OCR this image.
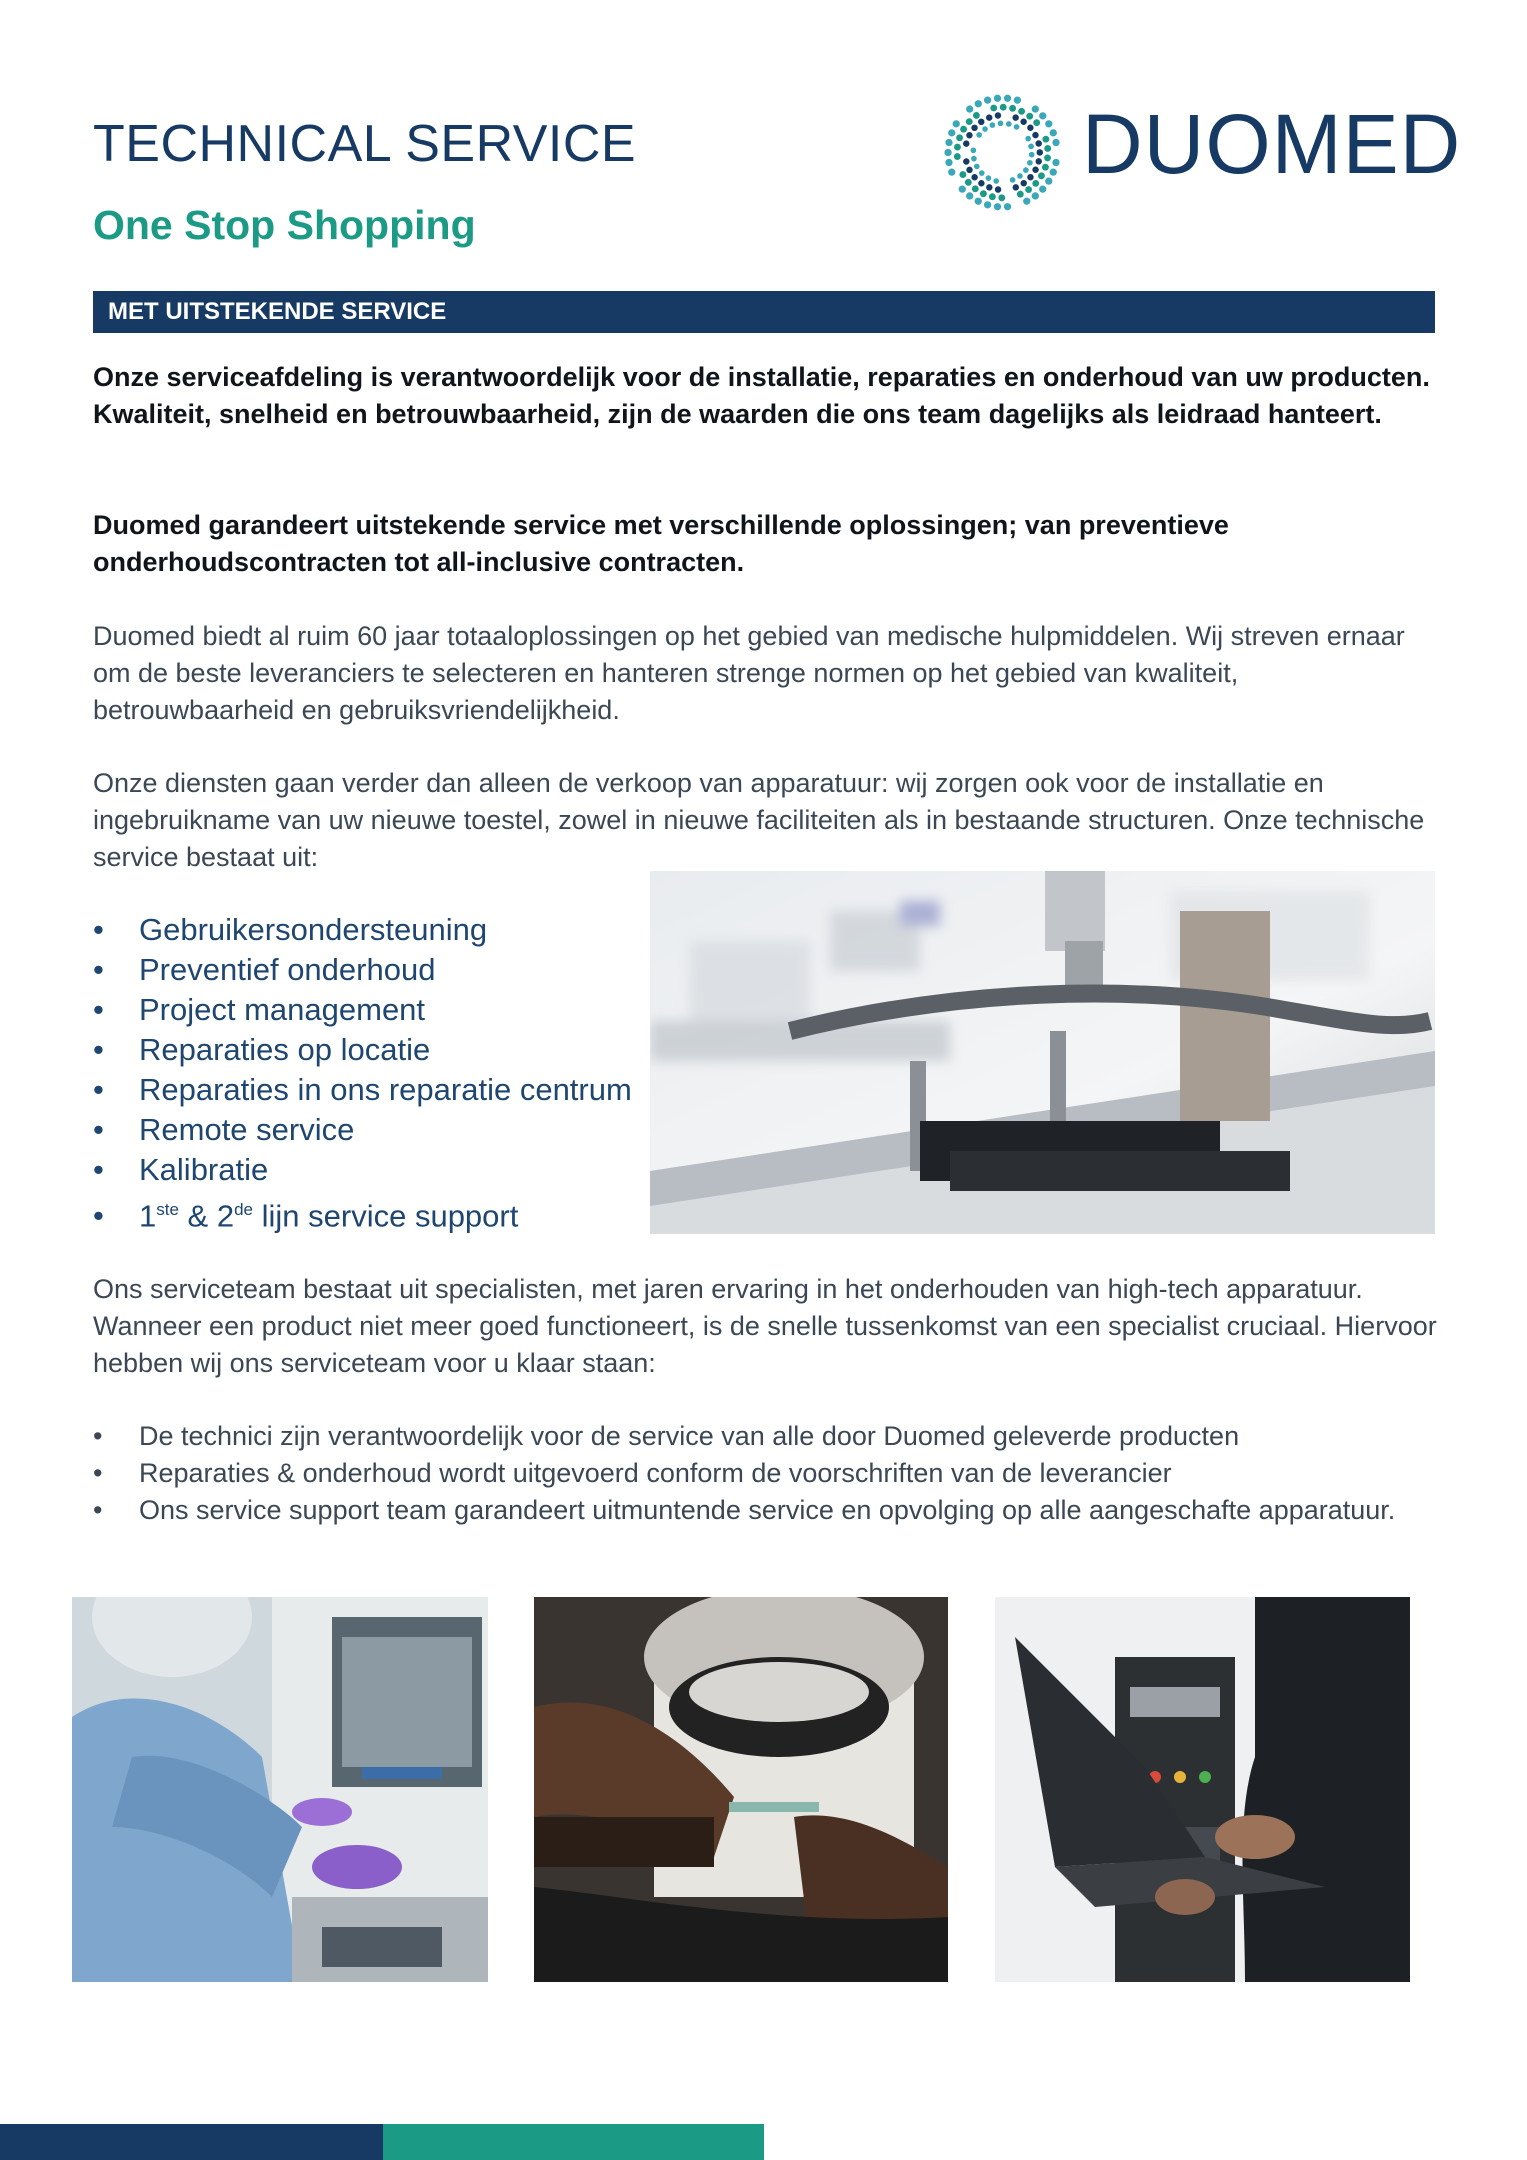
TECHNICAL SERVICE
One Stop Shopping
DUOMED
MET UITSTEKENDE SERVICE

Onze serviceafdeling is verantwoordelijk voor de installatie, reparaties en onderhoud van uw producten. Kwaliteit, snelheid en betrouwbaarheid, zijn de waarden die ons team dagelijks als leidraad hanteert.

Duomed garandeert uitstekende service met verschillende oplossingen; van preventieve onderhoudscontracten tot all-inclusive contracten.

Duomed biedt al ruim 60 jaar totaaloplossingen op het gebied van medische hulpmiddelen. Wij streven ernaar om de beste leveranciers te selecteren en hanteren strenge normen op het gebied van kwaliteit, betrouwbaarheid en gebruiksvriendelijkheid.

Onze diensten gaan verder dan alleen de verkoop van apparatuur: wij zorgen ook voor de installatie en ingebruikname van uw nieuwe toestel, zowel in nieuwe faciliteiten als in bestaande structuren. Onze technische service bestaat uit:

• Gebruikersondersteuning
• Preventief onderhoud
• Project management
• Reparaties op locatie
• Reparaties in ons reparatie centrum
• Remote service
• Kalibratie
• 1ste & 2de lijn service support

Ons serviceteam bestaat uit specialisten, met jaren ervaring in het onderhouden van high-tech apparatuur. Wanneer een product niet meer goed functioneert, is de snelle tussenkomst van een specialist cruciaal. Hiervoor hebben wij ons serviceteam voor u klaar staan:

• De technici zijn verantwoordelijk voor de service van alle door Duomed geleverde producten
• Reparaties & onderhoud wordt uitgevoerd conform de voorschriften van de leverancier
• Ons service support team garandeert uitmuntende service en opvolging op alle aangeschafte apparatuur.
